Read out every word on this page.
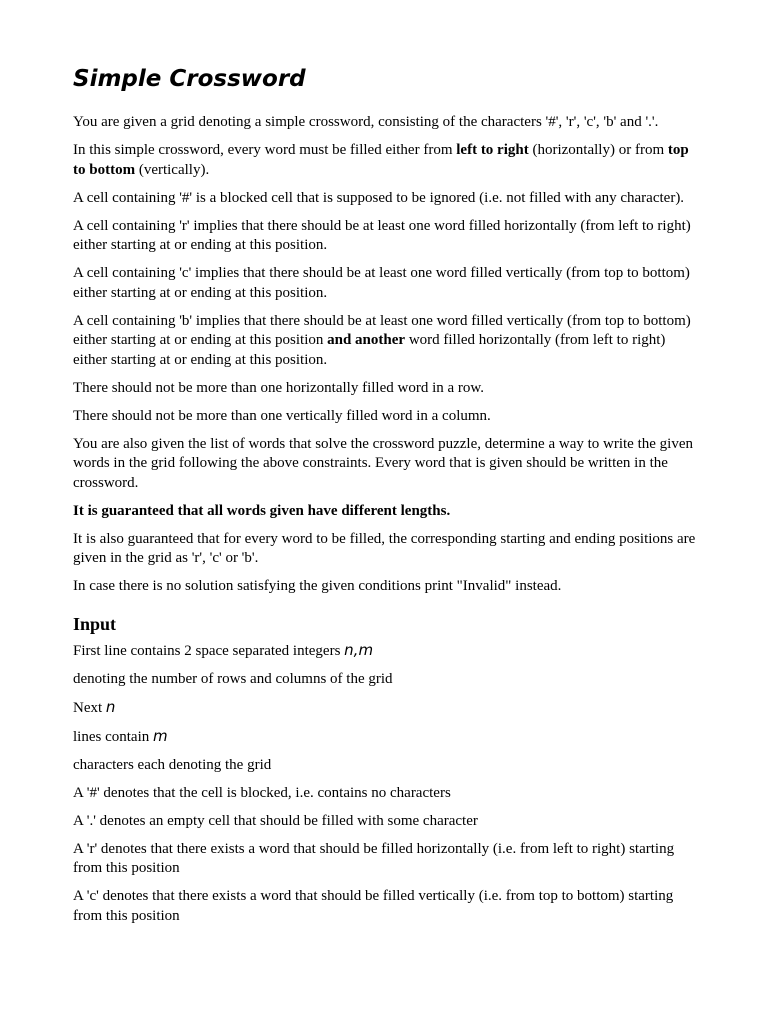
Simple Crossword

You are given a grid denoting a simple crossword, consisting of the characters '#', 'r', 'c', 'b' and '.'.

In this simple crossword, every word must be filled either from left to right (horizontally) or from top to bottom (vertically).

A cell containing '#' is a blocked cell that is supposed to be ignored (i.e. not filled with any character).

A cell containing 'r' implies that there should be at least one word filled horizontally (from left to right) either starting at or ending at this position.

A cell containing 'c' implies that there should be at least one word filled vertically (from top to bottom) either starting at or ending at this position.

A cell containing 'b' implies that there should be at least one word filled vertically (from top to bottom) either starting at or ending at this position and another word filled horizontally (from left to right) either starting at or ending at this position.

There should not be more than one horizontally filled word in a row.

There should not be more than one vertically filled word in a column.

You are also given the list of words that solve the crossword puzzle, determine a way to write the given words in the grid following the above constraints. Every word that is given should be written in the crossword.

It is guaranteed that all words given have different lengths.

It is also guaranteed that for every word to be filled, the corresponding starting and ending positions are given in the grid as 'r', 'c' or 'b'.

In case there is no solution satisfying the given conditions print "Invalid" instead.

Input

First line contains 2 space separated integers n,m

denoting the number of rows and columns of the grid

Next n

lines contain m

characters each denoting the grid

A '#' denotes that the cell is blocked, i.e. contains no characters

A '.' denotes an empty cell that should be filled with some character

A 'r' denotes that there exists a word that should be filled horizontally (i.e. from left to right) starting from this position

A 'c' denotes that there exists a word that should be filled vertically (i.e. from top to bottom) starting from this position
